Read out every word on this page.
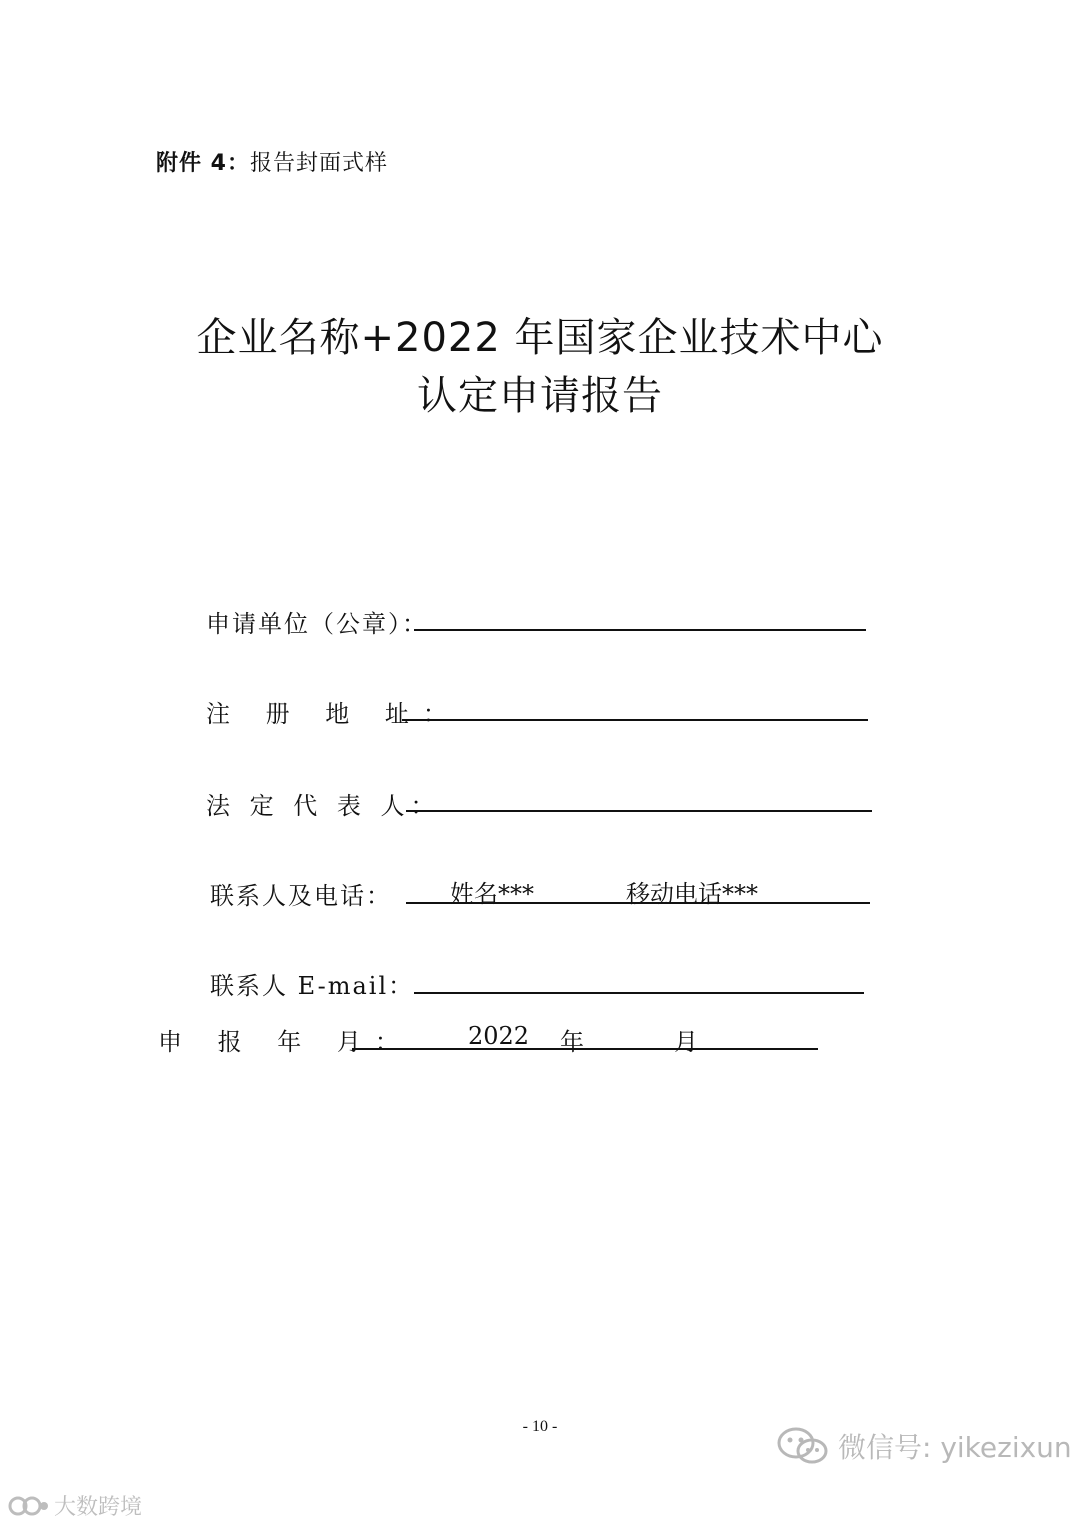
附件 4：报告封面式样
企业名称+2022 年国家企业技术中心
认定申请报告
申请单位（公章）：
注 册 地 址：
法 定 代 表 人：
联系人及电话： 姓名***	移动电话***
联系人 E-mail：
申 报 年 月： 2022 年	月
- 10 -
微信号: yikezixun
大数跨境
